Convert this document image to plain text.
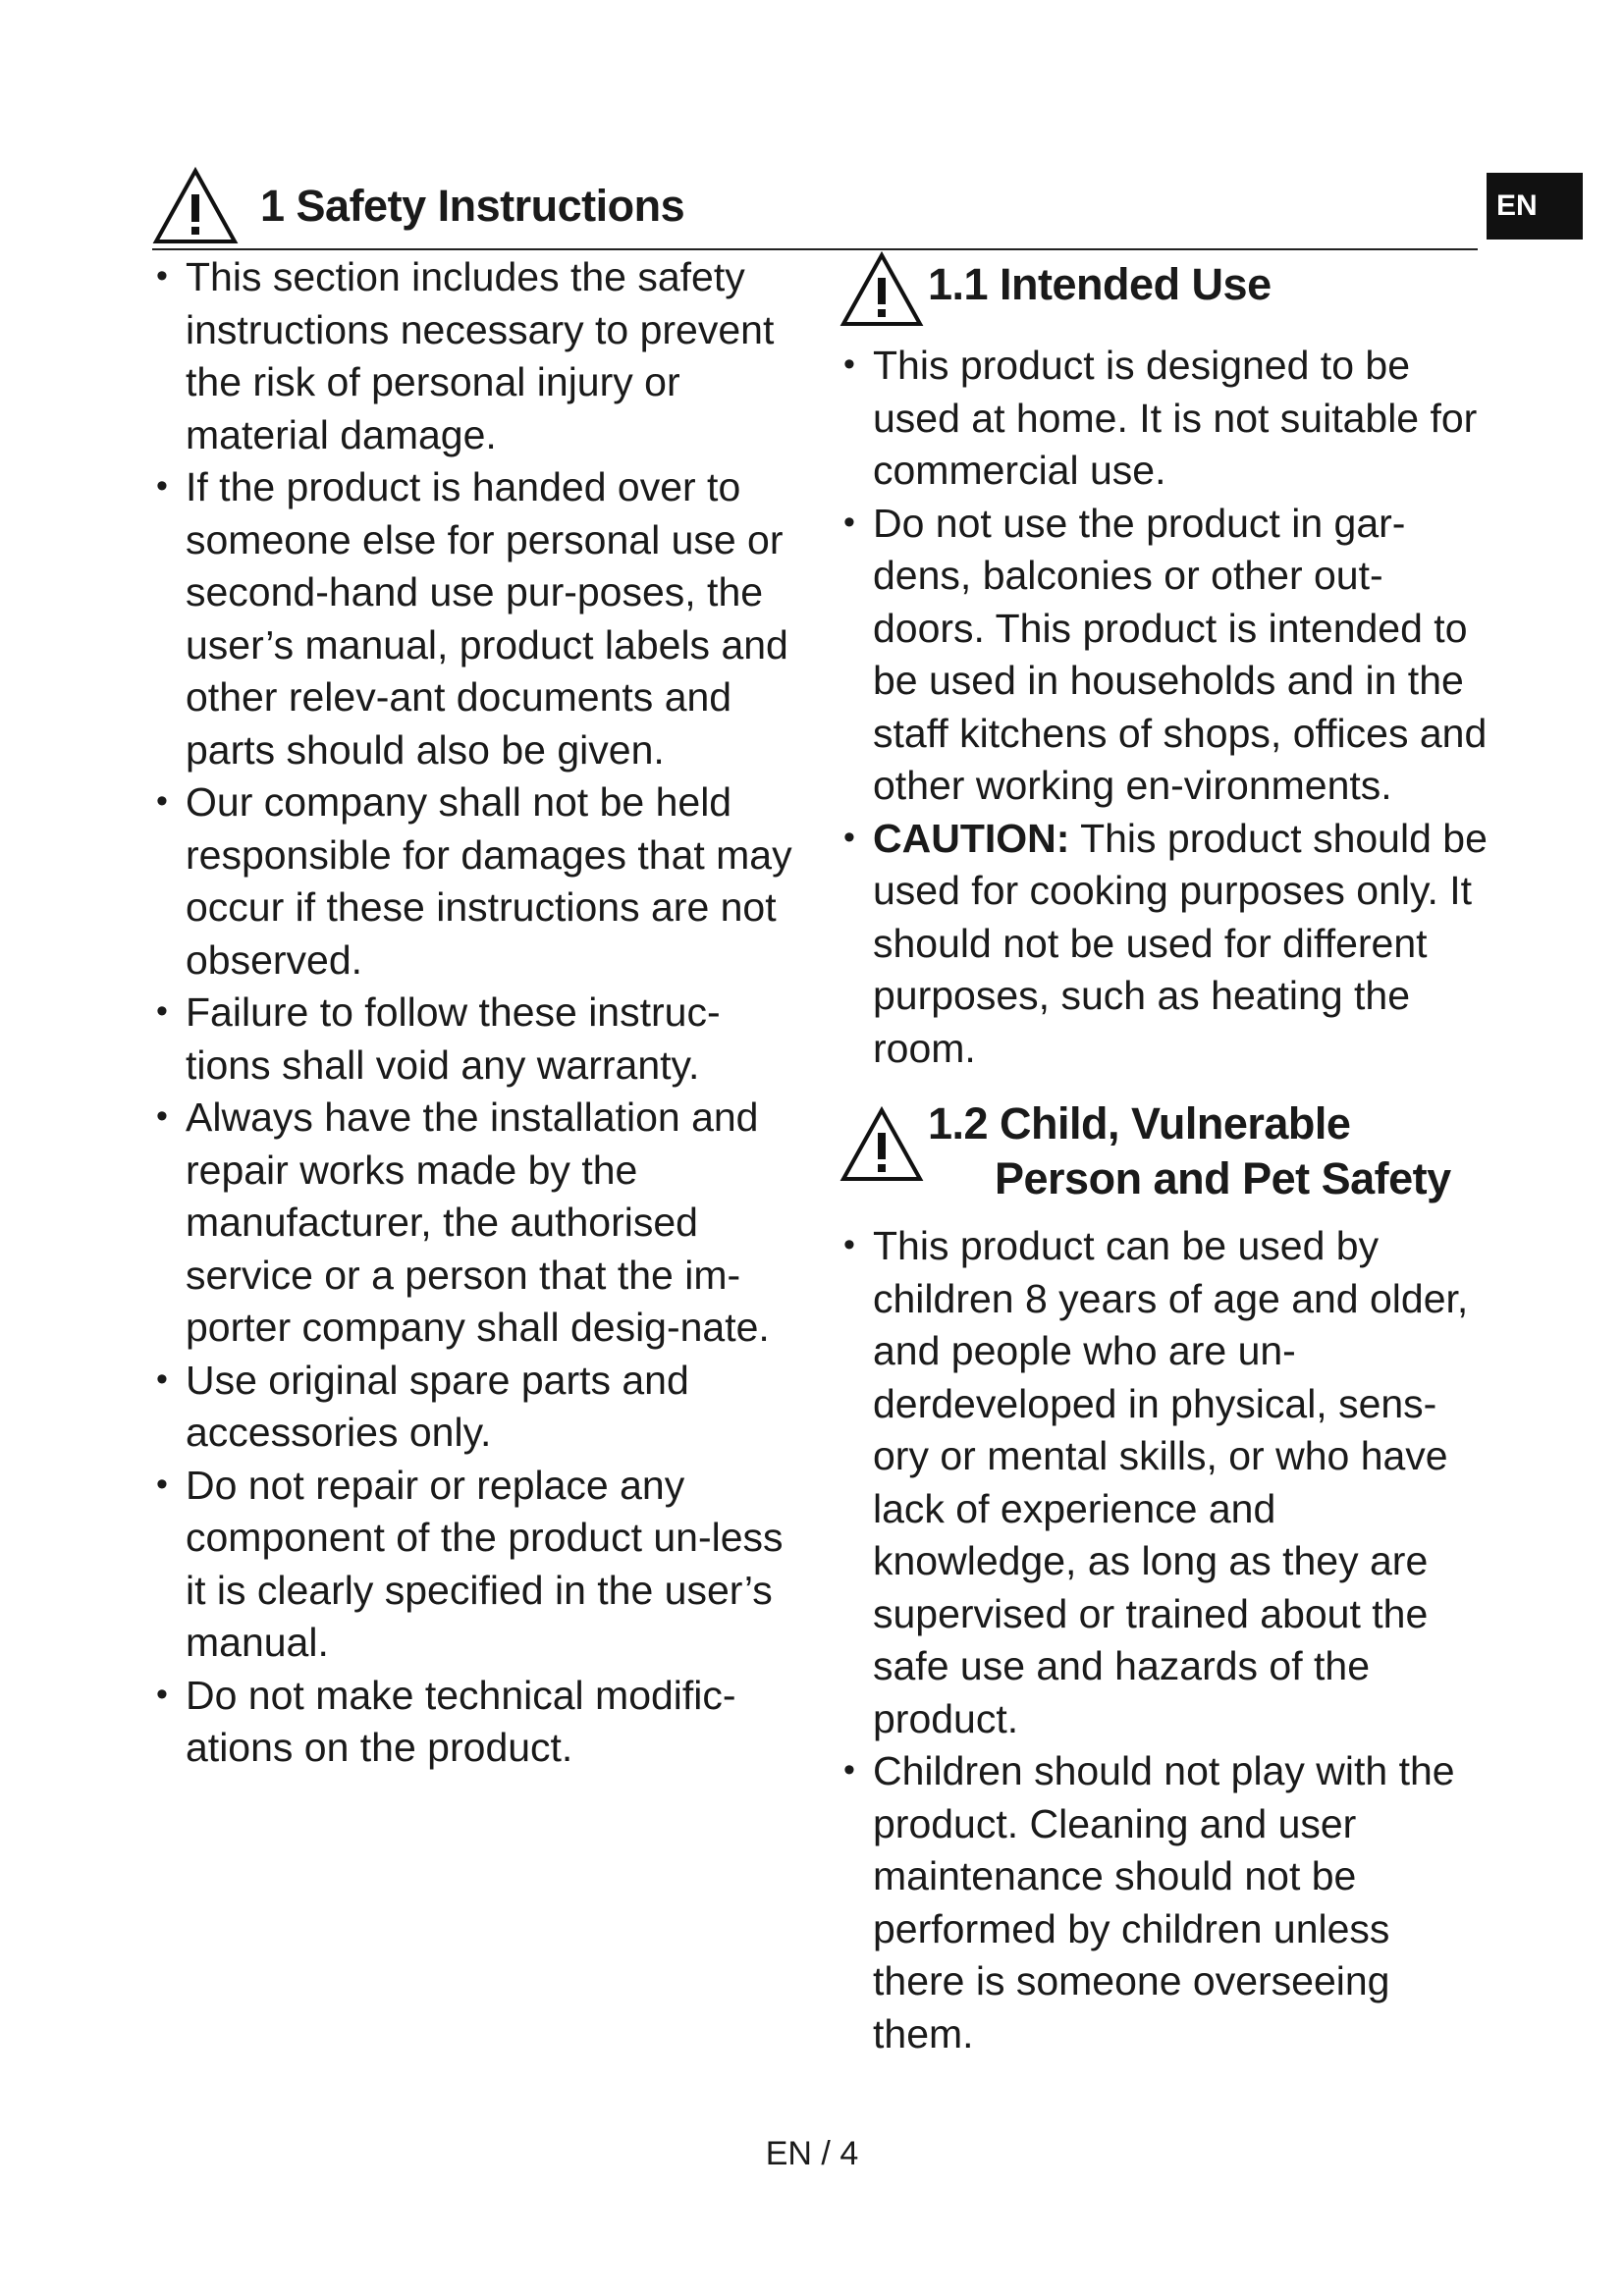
EN
1 Safety Instructions
This section includes the safety instructions necessary to prevent the risk of personal injury or material damage.
If the product is handed over to someone else for personal use or second-hand use pur-poses, the user’s manual, product labels and other relev-ant documents and parts should also be given.
Our company shall not be held responsible for damages that may occur if these instructions are not observed.
Failure to follow these instruc-tions shall void any warranty.
Always have the installation and repair works made by the manufacturer, the authorised service or a person that the im-porter company shall desig-nate.
Use original spare parts and accessories only.
Do not repair or replace any component of the product un-less it is clearly specified in the user’s manual.
Do not make technical modific-ations on the product.
1.1 Intended Use
This product is designed to be used at home. It is not suitable for commercial use.
Do not use the product in gar-dens, balconies or other out-doors. This product is intended to be used in households and in the staff kitchens of shops, offices and other working en-vironments.
CAUTION: This product should be used for cooking purposes only. It should not be used for different purposes, such as heating the room.
1.2 Child, Vulnerable
Person and Pet Safety
This product can be used by children 8 years of age and older, and people who are un-derdeveloped in physical, sens-ory or mental skills, or who have lack of experience and knowledge, as long as they are supervised or trained about the safe use and hazards of the product.
Children should not play with the product. Cleaning and user maintenance should not be performed by children unless there is someone overseeing them.
EN / 4
